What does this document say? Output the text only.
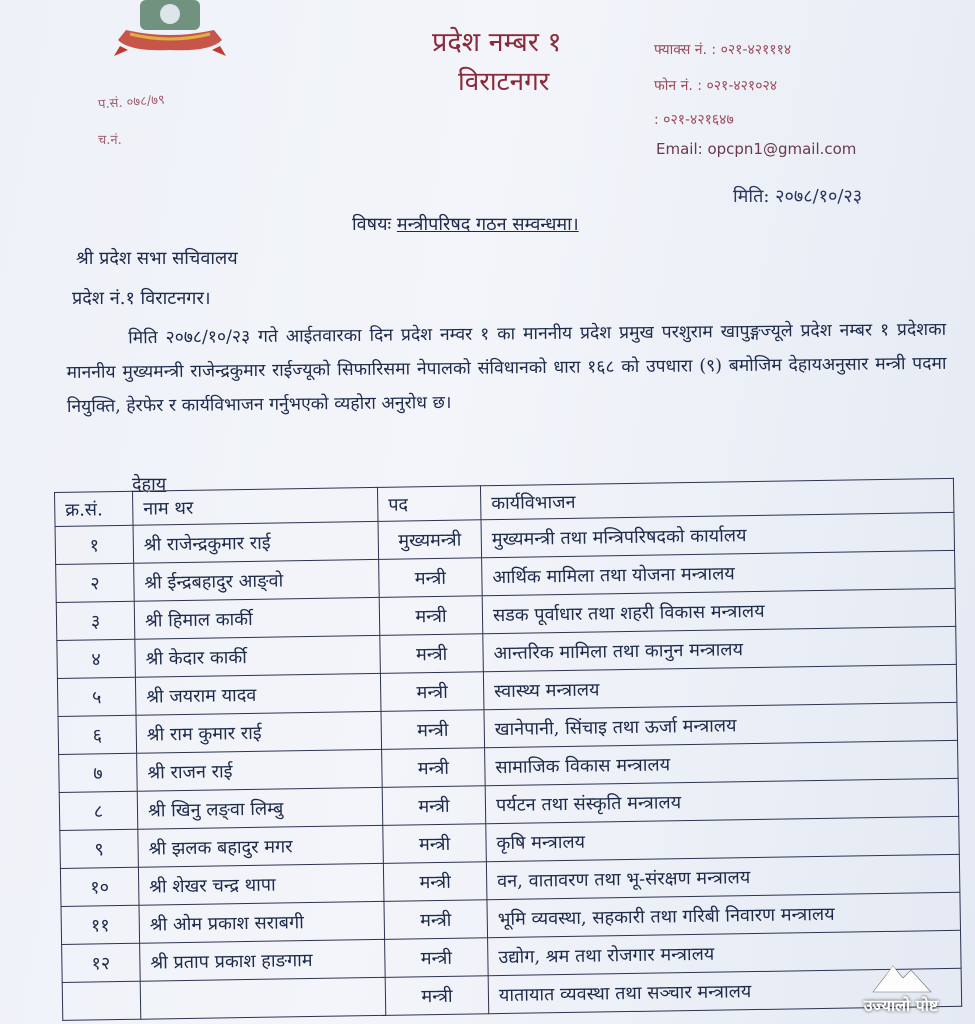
प्रदेश नम्बर १
विराटनगर
फ्याक्स नं. : ०२१-४२१११४
फोन नं. : ०२१-४२१०२४
: ०२१-४२१६४७
Email: opcpn1@gmail.com
प.सं. ०७८/७९
च.नं.
मिति: २०७८/१०/२३
विषयः मन्त्रीपरिषद गठन सम्वन्धमा।
श्री प्रदेश सभा सचिवालय
प्रदेश नं.१ विराटनगर।
मिति २०७८/१०/२३ गते आईतवारका दिन प्रदेश नम्वर १ का माननीय प्रदेश प्रमुख परशुराम खापुङ्गज्यूले प्रदेश नम्बर १ प्रदेशका माननीय मुख्यमन्त्री राजेन्द्रकुमार राईज्यूको सिफारिसमा नेपालको संविधानको धारा १६८ को उपधारा (९) बमोजिम देहायअनुसार मन्त्री पदमा नियुक्ति, हेरफेर र कार्यविभाजन गर्नुभएको व्यहोरा अनुरोध छ।
देहाय
क्र.सं.	नाम थर	पद	कार्यविभाजन
१	श्री राजेन्द्रकुमार राई	मुख्यमन्त्री	मुख्यमन्त्री तथा मन्त्रिपरिषदको कार्यालय
२	श्री ईन्द्रबहादुर आङ्वो	मन्त्री	आर्थिक मामिला तथा योजना मन्त्रालय
३	श्री हिमाल कार्की	मन्त्री	सडक पूर्वाधार तथा शहरी विकास मन्त्रालय
४	श्री केदार कार्की	मन्त्री	आन्तरिक मामिला तथा कानुन मन्त्रालय
५	श्री जयराम यादव	मन्त्री	स्वास्थ्य मन्त्रालय
६	श्री राम कुमार राई	मन्त्री	खानेपानी, सिंचाइ तथा ऊर्जा मन्त्रालय
७	श्री राजन राई	मन्त्री	सामाजिक विकास मन्त्रालय
८	श्री खिनु लङ्वा लिम्बु	मन्त्री	पर्यटन तथा संस्कृति मन्त्रालय
९	श्री झलक बहादुर मगर	मन्त्री	कृषि मन्त्रालय
१०	श्री शेखर चन्द्र थापा	मन्त्री	वन, वातावरण तथा भू-संरक्षण मन्त्रालय
११	श्री ओम प्रकाश सराबगी	मन्त्री	भूमि व्यवस्था, सहकारी तथा गरिबी निवारण मन्त्रालय
१२	श्री प्रताप प्रकाश हाङगाम	मन्त्री	उद्योग, श्रम तथा रोजगार मन्त्रालय
		मन्त्री	यातायात व्यवस्था तथा सञ्चार मन्त्रालय	उज्यालो पोष्ट
